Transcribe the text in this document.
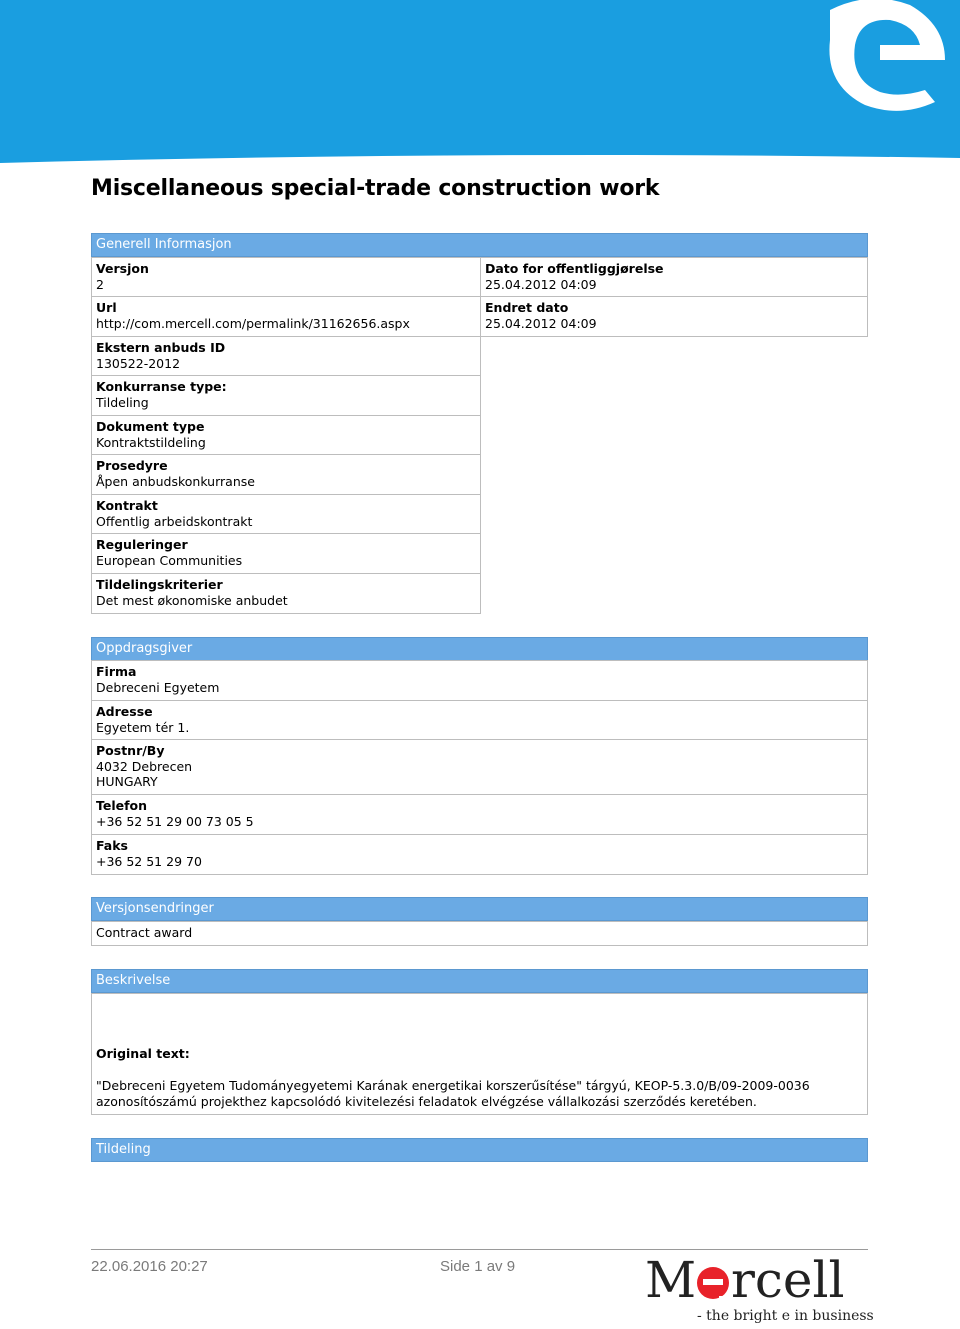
Miscellaneous special-trade construction work
Generell Informasjon
Versjon
2
Dato for offentliggjørelse
25.04.2012 04:09
Url
http://com.mercell.com/permalink/31162656.aspx
Endret dato
25.04.2012 04:09
Ekstern anbuds ID
130522-2012
Konkurranse type:
Tildeling
Dokument type
Kontraktstildeling
Prosedyre
Åpen anbudskonkurranse
Kontrakt
Offentlig arbeidskontrakt
Reguleringer
European Communities
Tildelingskriterier
Det mest økonomiske anbudet
Oppdragsgiver
Firma
Debreceni Egyetem
Adresse
Egyetem tér 1.
Postnr/By
4032 Debrecen
HUNGARY
Telefon
+36 52 51 29 00 73 05 5
Faks
+36 52 51 29 70
Versjonsendringer
Contract award
Beskrivelse
Original text:
"Debreceni Egyetem Tudományegyetemi Karának energetikai korszerűsítése" tárgyú, KEOP-5.3.0/B/09-2009-0036 azonosítószámú projekthez kapcsolódó kivitelezési feladatok elvégzése vállalkozási szerződés keretében.
Tildeling
22.06.2016 20:27	Side 1 av 9	M rcell
- the bright e in business
